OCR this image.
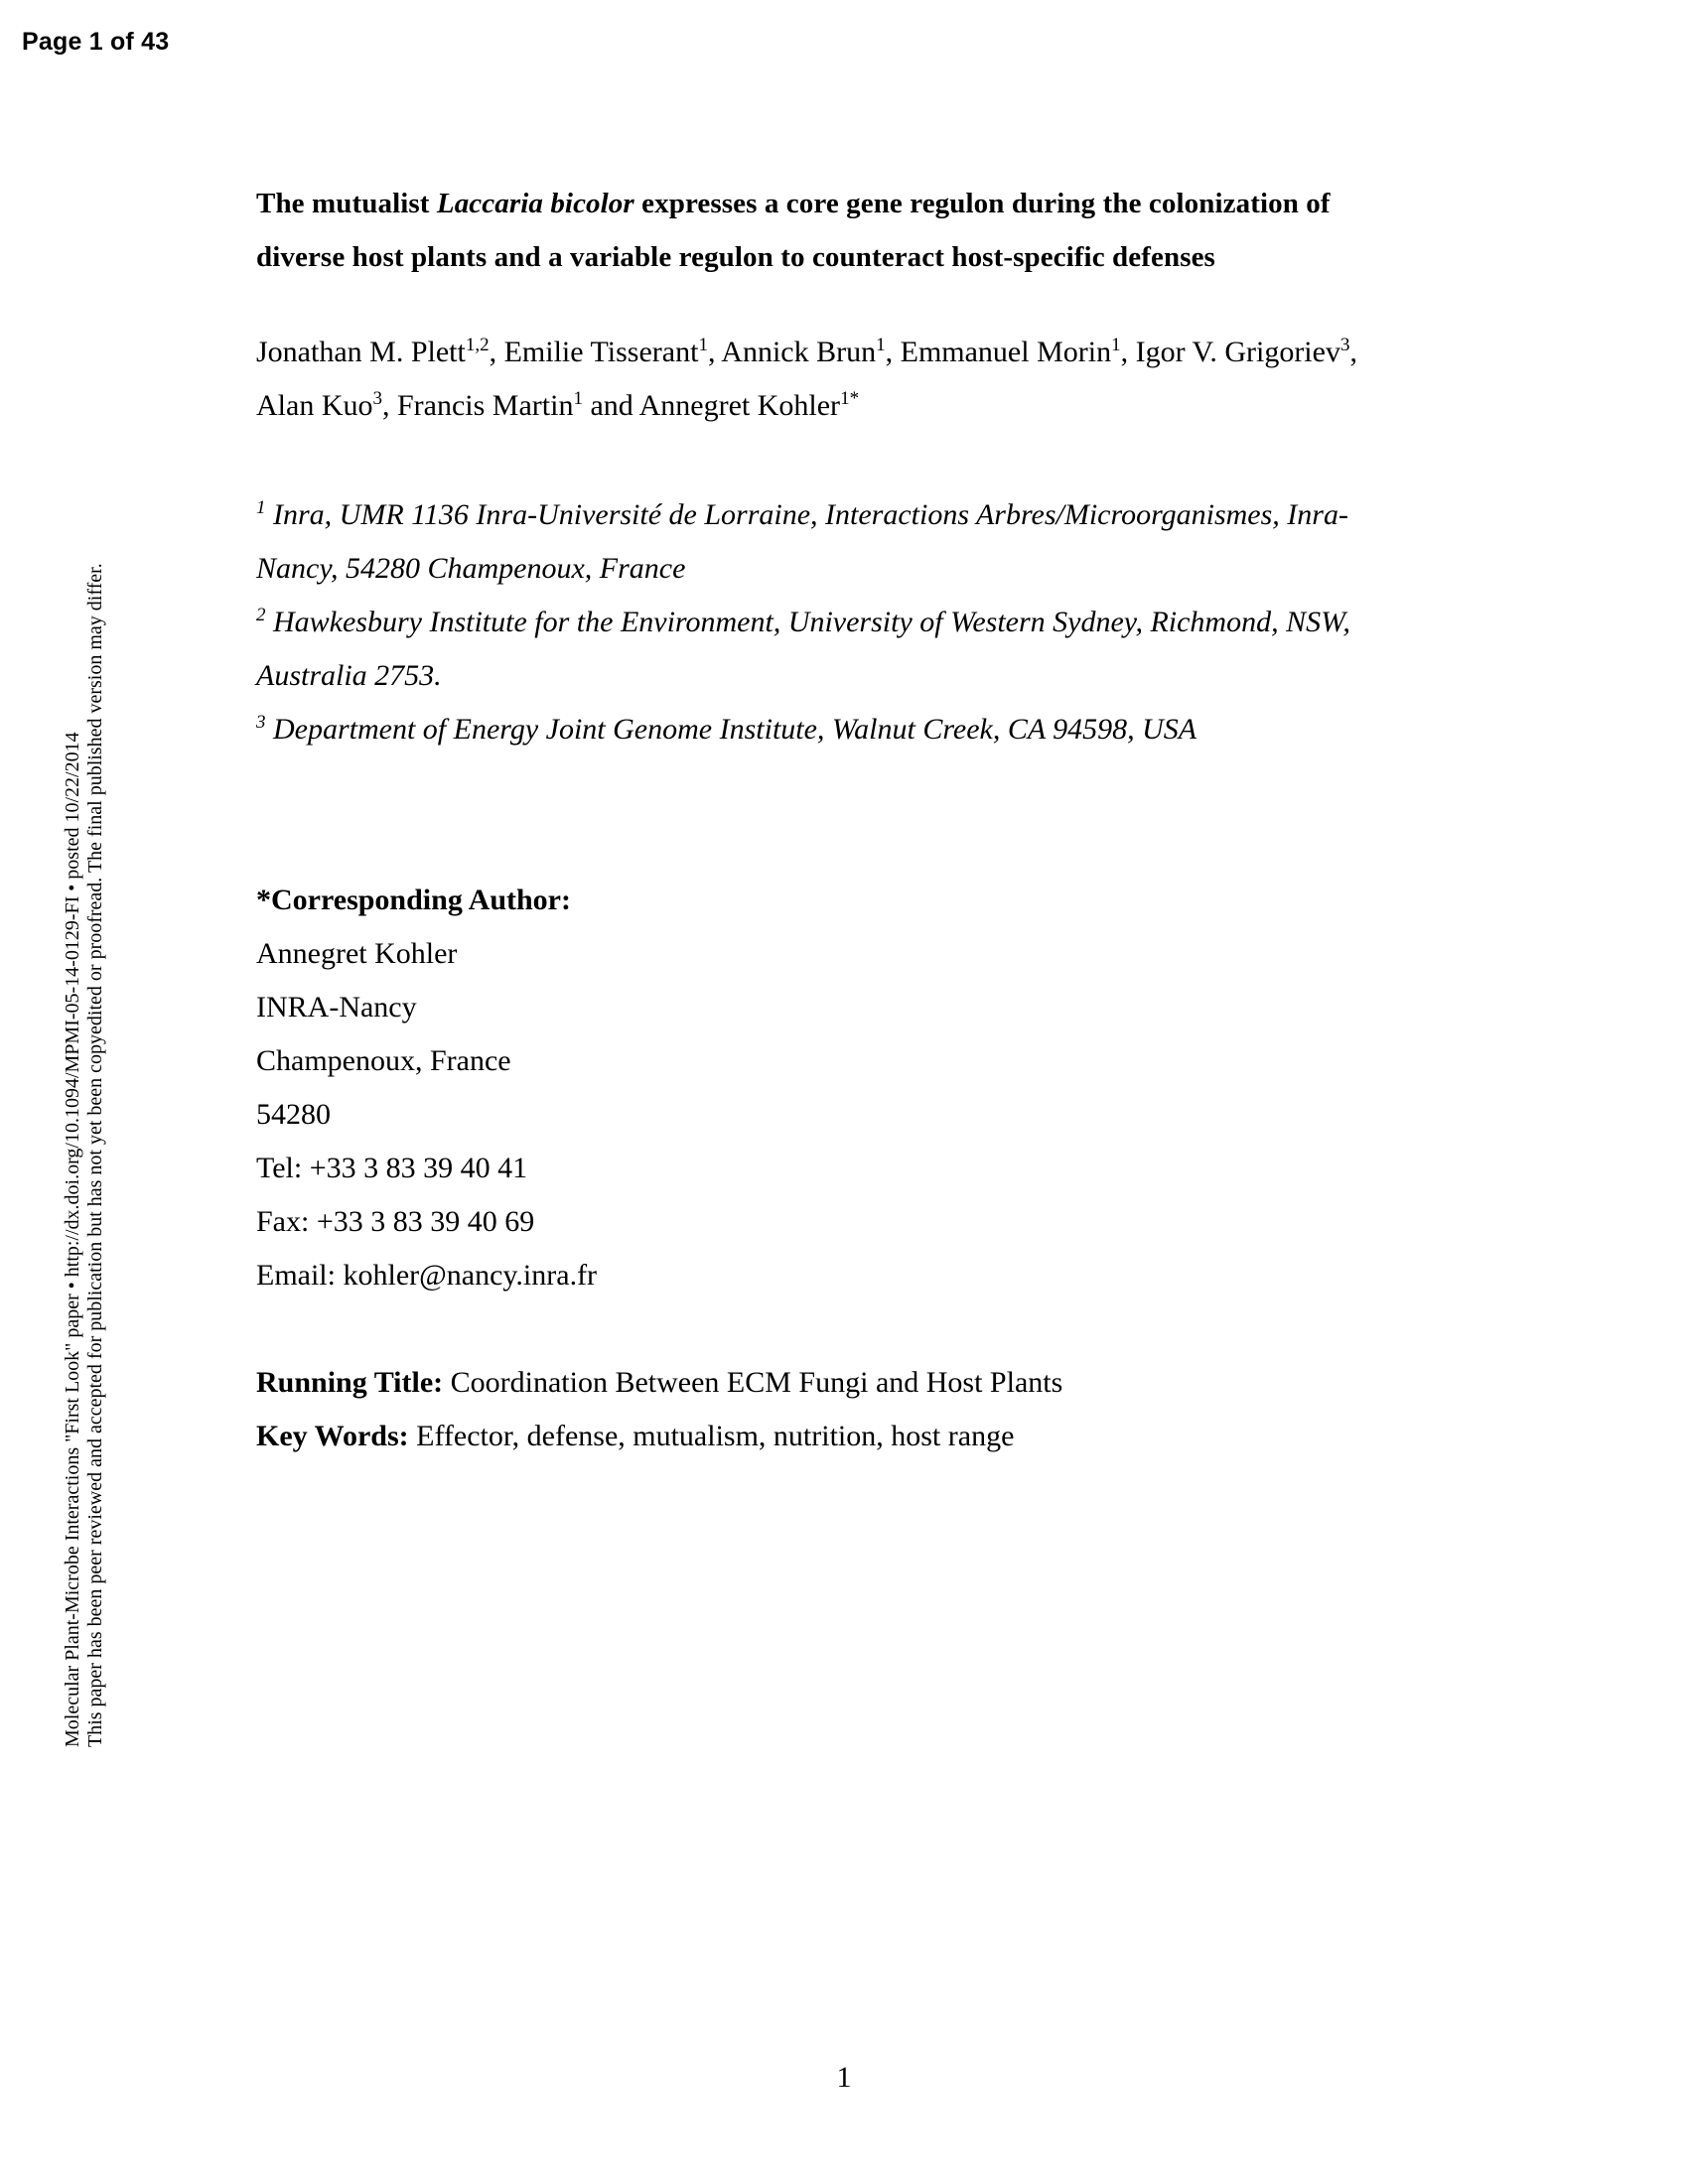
Page 1 of 43
Molecular Plant-Microbe Interactions "First Look" paper • http://dx.doi.org/10.1094/MPMI-05-14-0129-FI • posted 10/22/2014 This paper has been peer reviewed and accepted for publication but has not yet been copyedited or proofread. The final published version may differ.
The mutualist Laccaria bicolor expresses a core gene regulon during the colonization of
diverse host plants and a variable regulon to counteract host-specific defenses
Jonathan M. Plett$^{1,2}$, Emilie Tisserant$^1$, Annick Brun$^1$, Emmanuel Morin$^1$, Igor V. Grigoriev$^3$,
Alan Kuo$^3$, Francis Martin$^1$ and Annegret Kohler$^{1*}$
$^1$ Inra, UMR 1136 Inra-Université de Lorraine, Interactions Arbres/Microorganismes, Inra-
Nancy, 54280 Champenoux, France
$^2$ Hawkesbury Institute for the Environment, University of Western Sydney, Richmond, NSW,
Australia 2753.
$^3$ Department of Energy Joint Genome Institute, Walnut Creek, CA 94598, USA
*Corresponding Author:
Annegret Kohler
INRA-Nancy
Champenoux, France
54280
Tel: +33 3 83 39 40 41
Fax: +33 3 83 39 40 69
Email: kohler@nancy.inra.fr
Running Title: Coordination Between ECM Fungi and Host Plants
Key Words: Effector, defense, mutualism, nutrition, host range
1
